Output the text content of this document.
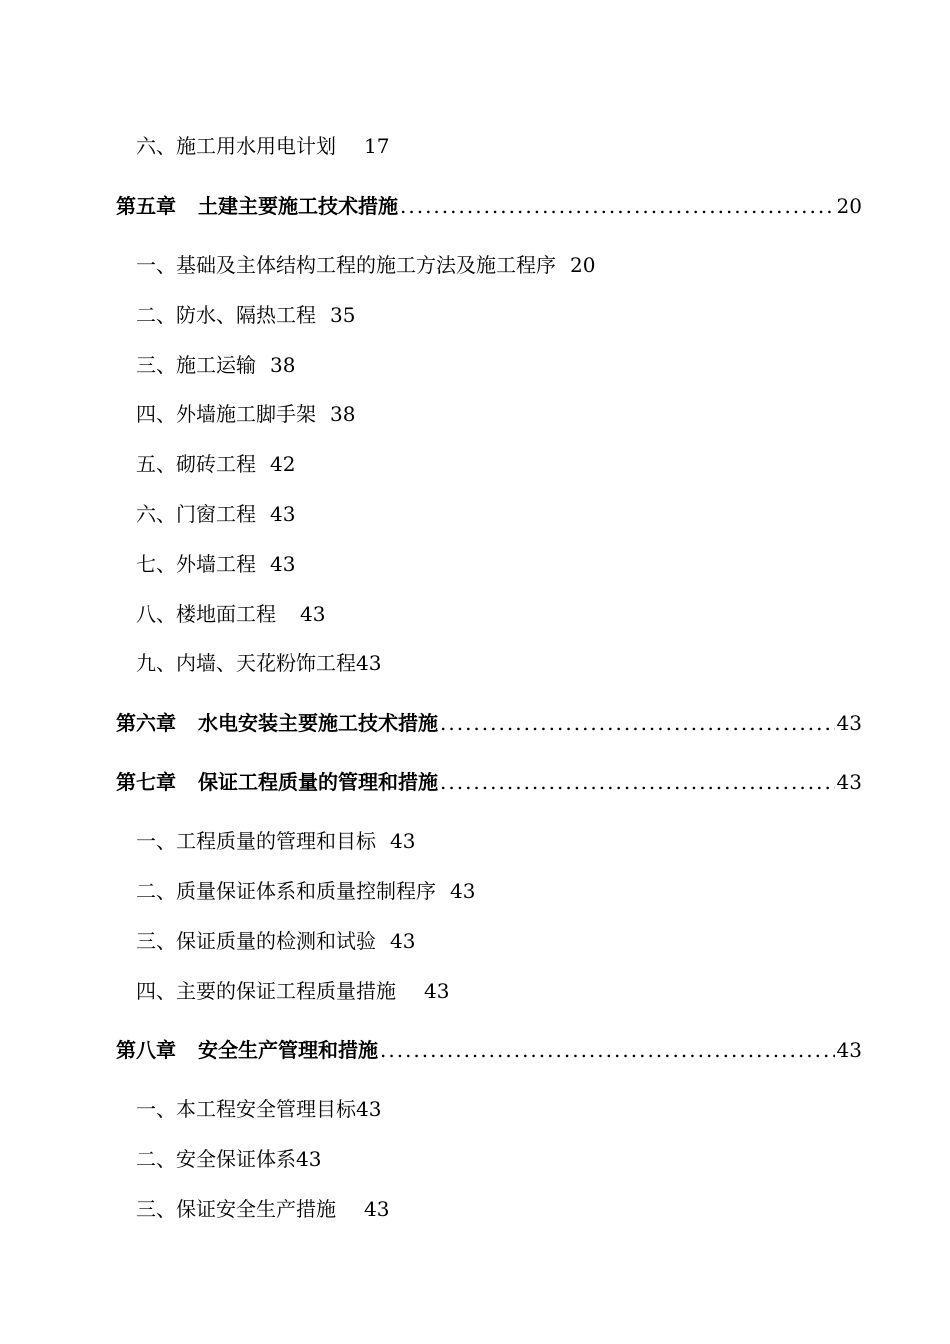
六、施工用水用电计划 17
第五章 土建主要施工技术措施 .....	20
一、基础及主体结构工程的施工方法及施工程序 20
二、防水、隔热工程 35
三、施工运输 38
四、外墙施工脚手架 38
五、砌砖工程 42
六、门窗工程 43
七、外墙工程 43
八、楼地面工程 43
九、内墙、天花粉饰工程43
第六章 水电安装主要施工技术措施 .....	43
第七章 保证工程质量的管理和措施 .....	43
一、工程质量的管理和目标 43
二、质量保证体系和质量控制程序 43
三、保证质量的检测和试验 43
四、主要的保证工程质量措施 43
第八章 安全生产管理和措施 .....	43
一、本工程安全管理目标43
二、安全保证体系43
三、保证安全生产措施 43
